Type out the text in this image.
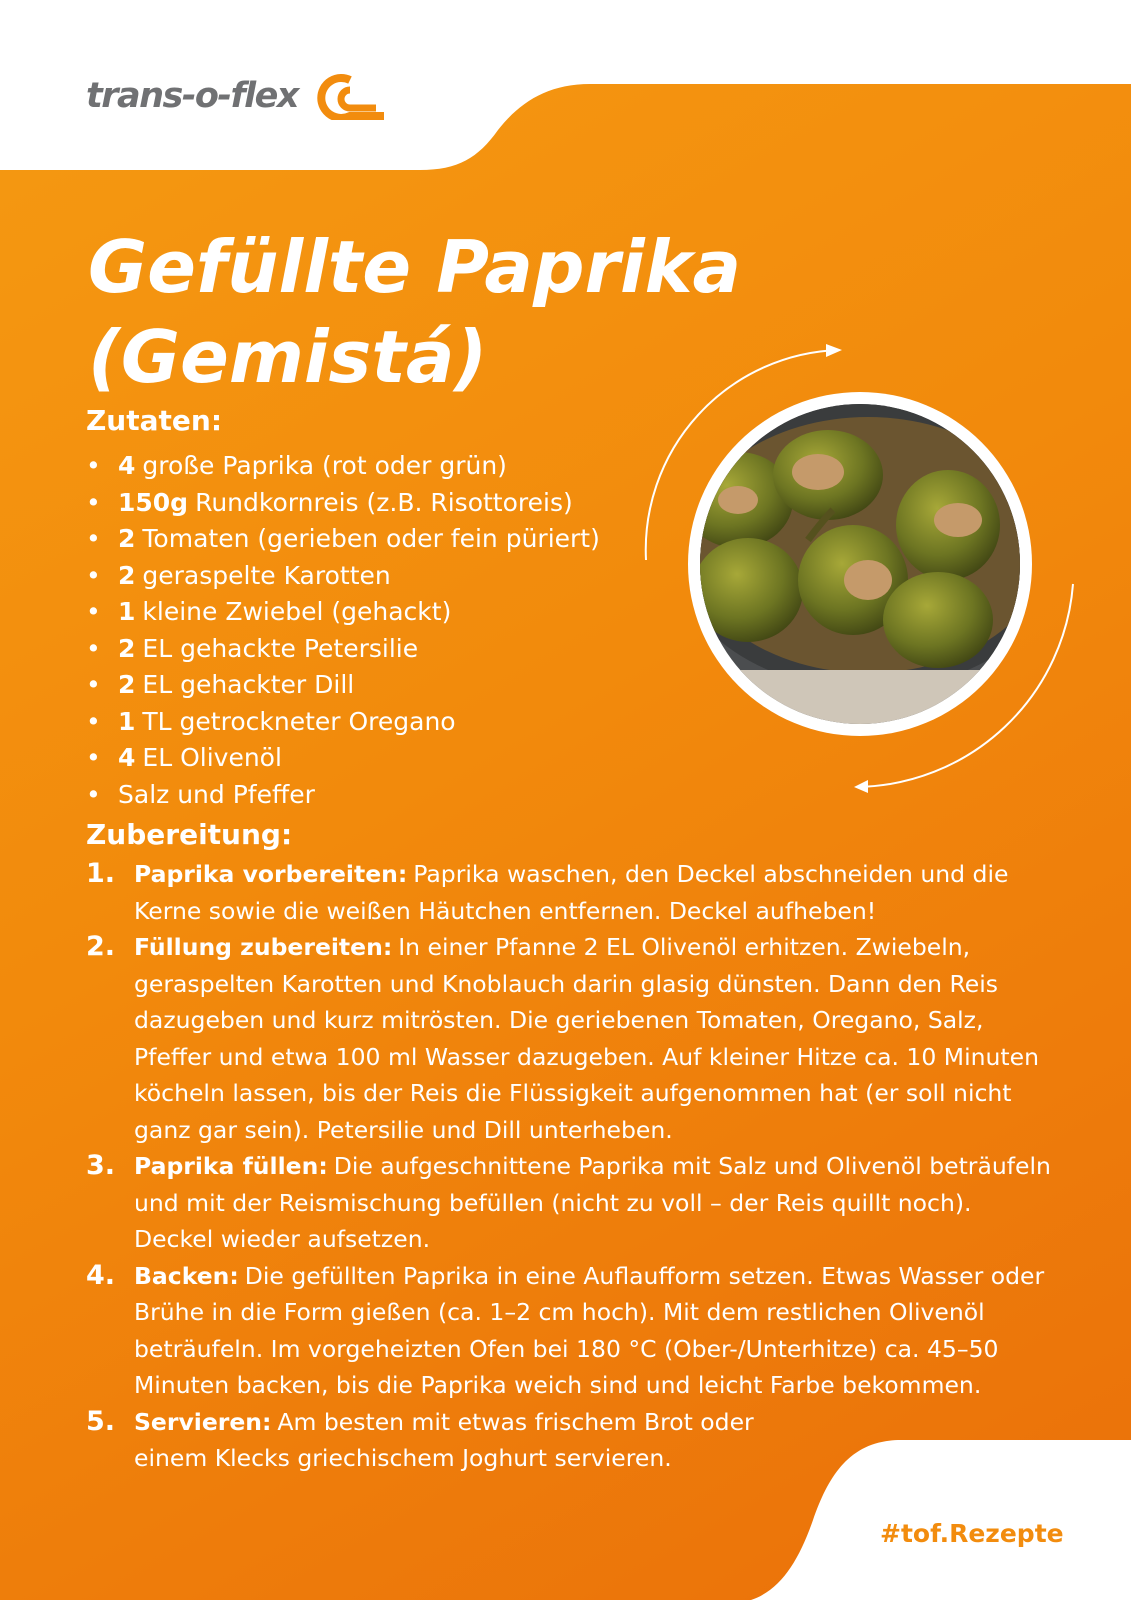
trans-o-flex
Gefüllte Paprika
(Gemistá)
Zutaten:
• 4 große Paprika (rot oder grün)
• 150g Rundkornreis (z.B. Risottoreis)
• 2 Tomaten (gerieben oder fein püriert)
• 2 geraspelte Karotten
• 1 kleine Zwiebel (gehackt)
• 2 EL gehackte Petersilie
• 2 EL gehackter Dill
• 1 TL getrockneter Oregano
• 4 EL Olivenöl
• Salz und Pfeffer
Zubereitung:
1. Paprika vorbereiten: Paprika waschen, den Deckel abschneiden und die Kerne sowie die weißen Häutchen entfernen. Deckel aufheben!
2. Füllung zubereiten: In einer Pfanne 2 EL Olivenöl erhitzen. Zwiebeln, geraspelten Karotten und Knoblauch darin glasig dünsten. Dann den Reis dazugeben und kurz mitrösten. Die geriebenen Tomaten, Oregano, Salz, Pfeffer und etwa 100 ml Wasser dazugeben. Auf kleiner Hitze ca. 10 Minuten köcheln lassen, bis der Reis die Flüssigkeit aufgenommen hat (er soll nicht ganz gar sein). Petersilie und Dill unterheben.
3. Paprika füllen: Die aufgeschnittene Paprika mit Salz und Olivenöl beträufeln und mit der Reismischung befüllen (nicht zu voll – der Reis quillt noch). Deckel wieder aufsetzen.
4. Backen: Die gefüllten Paprika in eine Auflaufform setzen. Etwas Wasser oder Brühe in die Form gießen (ca. 1–2 cm hoch). Mit dem restlichen Olivenöl beträufeln. Im vorgeheizten Ofen bei 180 °C (Ober-/Unterhitze) ca. 45–50 Minuten backen, bis die Paprika weich sind und leicht Farbe bekommen.
5. Servieren: Am besten mit etwas frischem Brot oder einem Klecks griechischem Joghurt servieren.
#tof.Rezepte
